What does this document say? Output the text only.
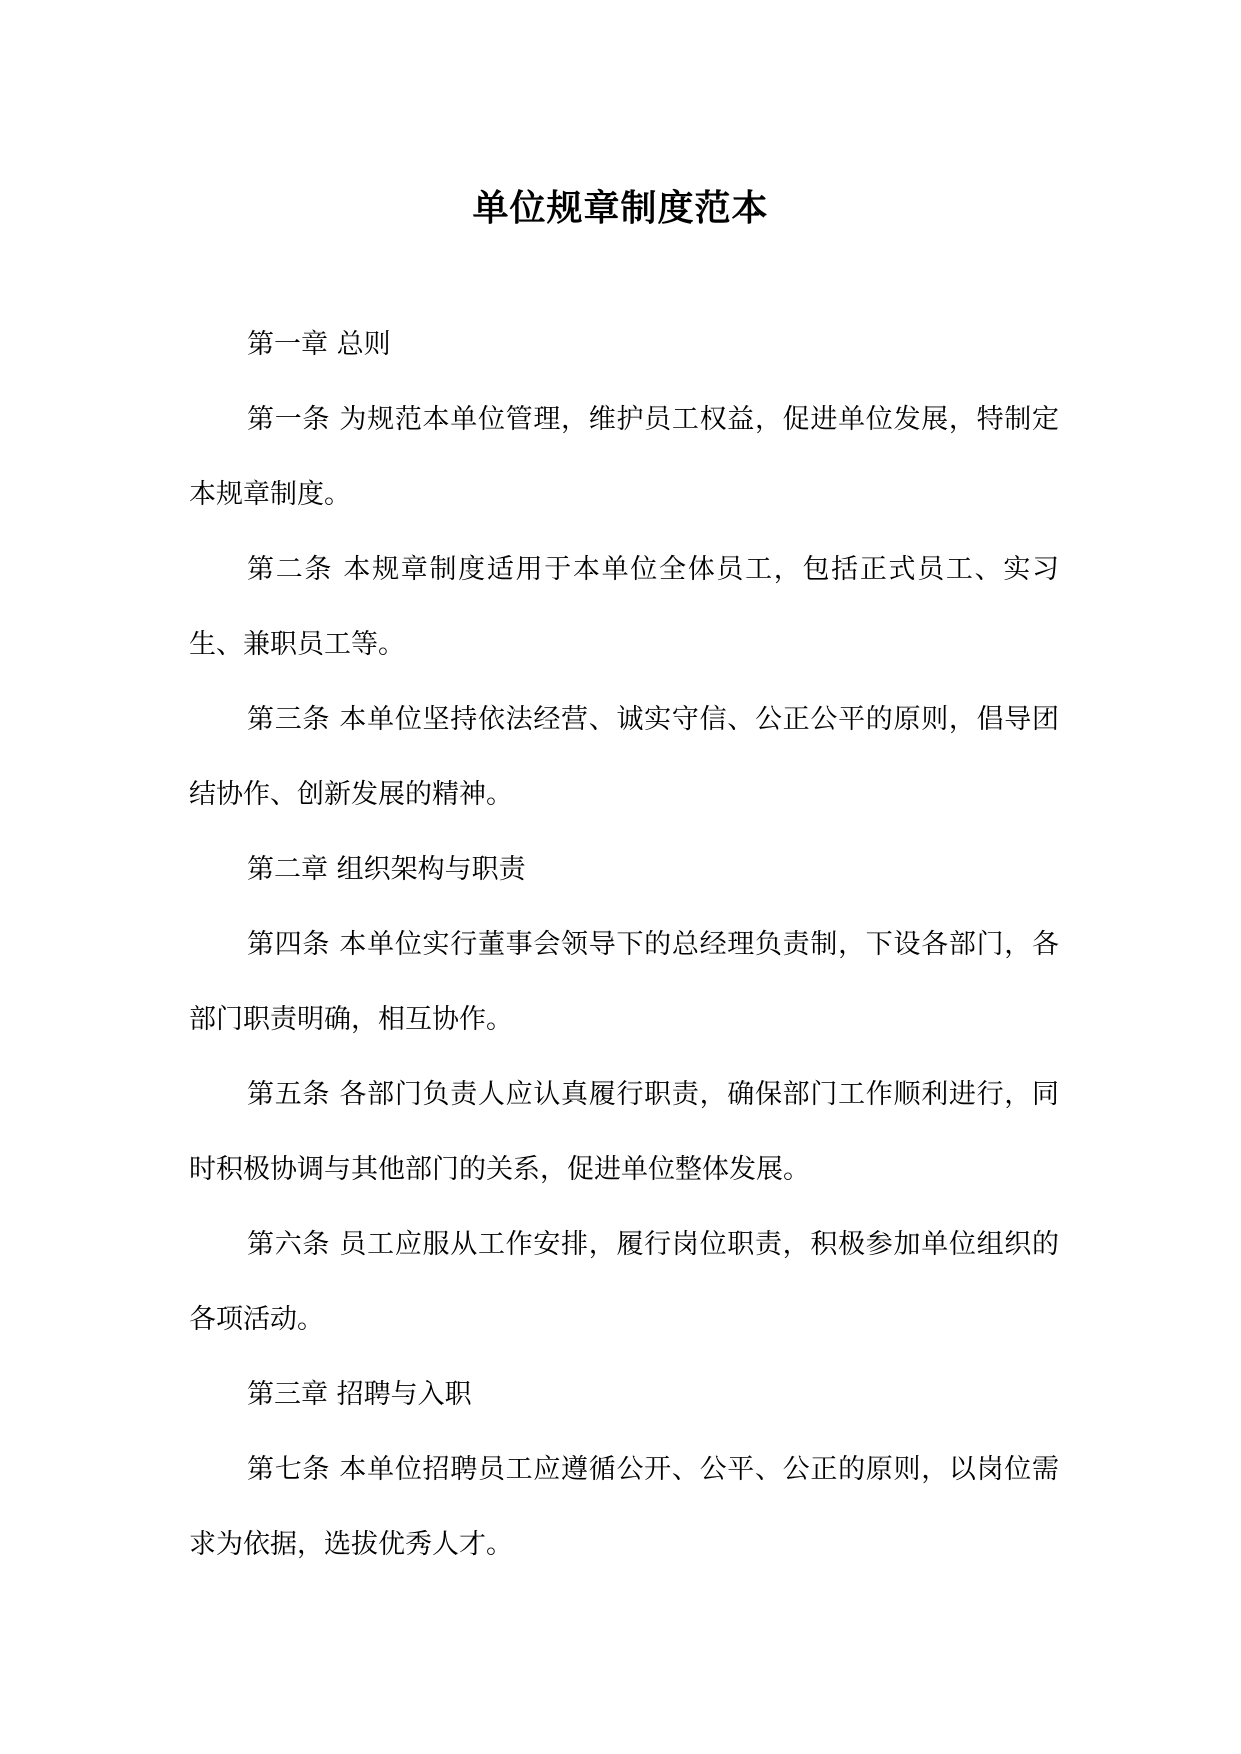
单位规章制度范本

第一章 总则

第一条 为规范本单位管理，维护员工权益，促进单位发展，特制定本规章制度。

第二条 本规章制度适用于本单位全体员工，包括正式员工、实习生、兼职员工等。

第三条 本单位坚持依法经营、诚实守信、公正公平的原则，倡导团结协作、创新发展的精神。

第二章 组织架构与职责

第四条 本单位实行董事会领导下的总经理负责制，下设各部门，各部门职责明确，相互协作。

第五条 各部门负责人应认真履行职责，确保部门工作顺利进行，同时积极协调与其他部门的关系，促进单位整体发展。

第六条 员工应服从工作安排，履行岗位职责，积极参加单位组织的各项活动。

第三章 招聘与入职

第七条 本单位招聘员工应遵循公开、公平、公正的原则，以岗位需求为依据，选拔优秀人才。
